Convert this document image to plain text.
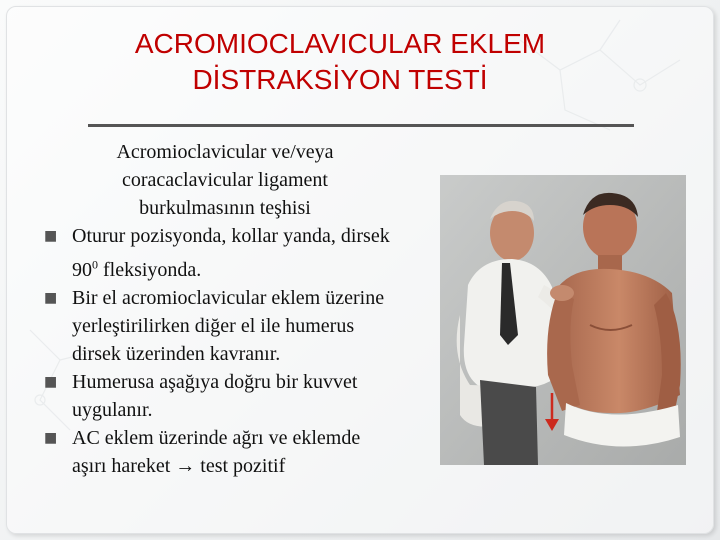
ACROMIOCLAVICULAR EKLEM
DİSTRAKSİYON TESTİ
Acromioclavicular ve/veya
coracaclavicular ligament
burkulmasının teşhisi
■ Oturur pozisyonda, kollar yanda, dirsek $90^0$ fleksiyonda.
■ Bir el acromioclavicular eklem üzerine yerleştirilirken diğer el ile humerus dirsek üzerinden kavranır.
■ Humerusa aşağıya doğru bir kuvvet uygulanır.
■ AC eklem üzerinde ağrı ve eklemde aşırı hareket → test pozitif
